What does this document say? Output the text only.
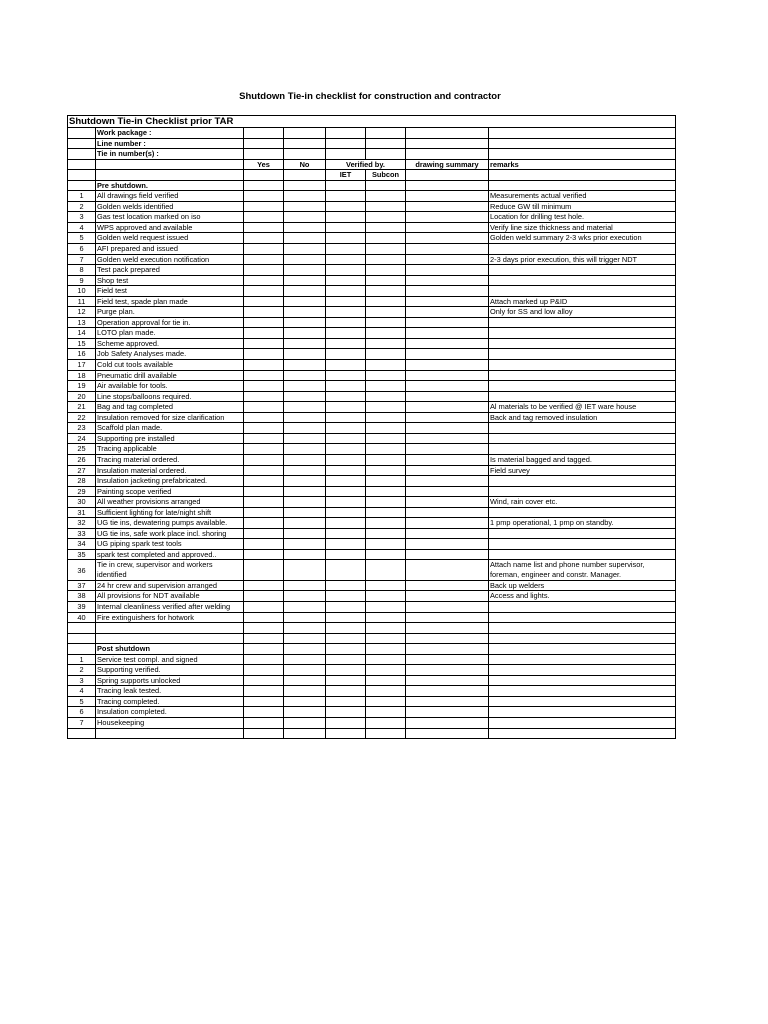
Shutdown Tie-in checklist for construction and contractor
Shutdown Tie-in Checklist prior TAR							
	Work package :						
	Line number :						
	Tie in number(s) :						
		Yes	No	Verified by.		drawing summary	remarks
				IET	Subcon		
	Pre shutdown.						
1	All drawings field verified						Measurements actual verified
2	Golden welds identified						Reduce GW till minimum
3	Gas test location marked on iso						Location for drilling test hole.
4	WPS approved and available						Verify line size thickness and material
5	Golden weld request issued						Golden weld summary 2-3 wks prior execution
6	AFI prepared and issued						
7	Golden weld execution notification						2-3 days prior execution, this will trigger NDT
8	Test pack prepared						
9	Shop test						
10	Field test						
11	Field test, spade plan made						Attach marked up P&ID
12	Purge plan.						Only for SS and low alloy
13	Operation approval for tie in.						
14	LOTO plan made.						
15	Scheme approved.						
16	Job Safety Analyses made.						
17	Cold cut tools available						
18	Pneumatic drill available						
19	Air available for tools.						
20	Line stops/balloons required.						
21	Bag and tag completed						Al materials to be verified @ IET ware house
22	Insulation removed for size clarification						Back and tag removed insulation
23	Scaffold plan made.						
24	Supporting pre installed						
25	Tracing applicable						
26	Tracing material ordered.						Is material bagged and tagged.
27	Insulation material ordered.						Field survey
28	Insulation jacketing prefabricated.						
29	Painting scope verified						
30	All weather provisions arranged						Wind, rain cover etc.
31	Sufficient lighting for late/night shift						
32	UG tie ins, dewatering pumps available.						1 pmp operational, 1 pmp on standby.
33	UG tie ins, safe work place incl. shoring						
34	UG piping spark test tools						
35	spark test completed and approved..						
36	Tie in crew, supervisor and workers identified						Attach name list and phone number supervisor, foreman, engineer and constr. Manager.
37	24 hr crew and supervision arranged						Back up welders
38	All provisions for NDT available						Access and lights.
39	Internal cleanliness verified after welding						
40	Fire extinguishers for hotwork						

	Post shutdown						
1	Service test compl. and signed						
2	Supporting verified.						
3	Spring supports unlocked						
4	Tracing leak tested.						
5	Tracing completed.						
6	Insulation completed.						
7	Housekeeping						
